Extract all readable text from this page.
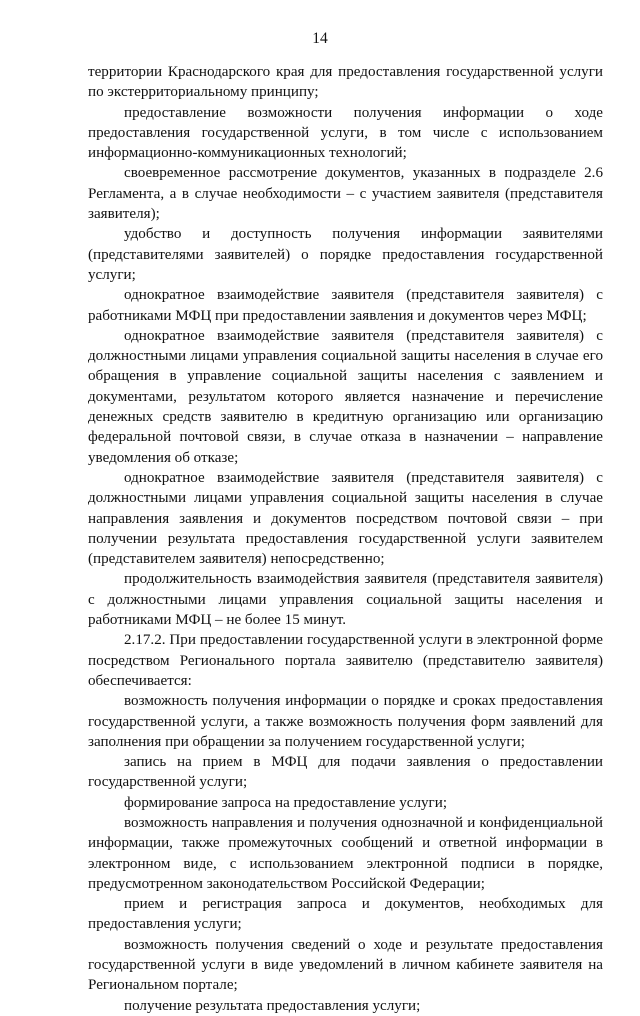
14

территории Краснодарского края для предоставления государственной услуги по экстерриториальному принципу;

предоставление возможности получения информации о ходе предоставления государственной услуги, в том числе с использованием информационно-коммуникационных технологий;

своевременное рассмотрение документов, указанных в подразделе 2.6 Регламента, а в случае необходимости – с участием заявителя (представителя заявителя);

удобство и доступность получения информации заявителями (представителями заявителей) о порядке предоставления государственной услуги;

однократное взаимодействие заявителя (представителя заявителя) с работниками МФЦ при предоставлении заявления и документов через МФЦ;

однократное взаимодействие заявителя (представителя заявителя) с должностными лицами управления социальной защиты населения в случае его обращения в управление социальной защиты населения с заявлением и документами, результатом которого является назначение и перечисление денежных средств заявителю в кредитную организацию или организацию федеральной почтовой связи, в случае отказа в назначении – направление уведомления об отказе;

однократное взаимодействие заявителя (представителя заявителя) с должностными лицами управления социальной защиты населения в случае направления заявления и документов посредством почтовой связи – при получении результата предоставления государственной услуги заявителем (представителем заявителя) непосредственно;

продолжительность взаимодействия заявителя (представителя заявителя) с должностными лицами управления социальной защиты населения и работниками МФЦ – не более 15 минут.

2.17.2. При предоставлении государственной услуги в электронной форме посредством Регионального портала заявителю (представителю заявителя) обеспечивается:

возможность получения информации о порядке и сроках предоставления государственной услуги, а также возможность получения форм заявлений для заполнения при обращении за получением государственной услуги;

запись на прием в МФЦ для подачи заявления о предоставлении государственной услуги;

формирование запроса на предоставление услуги;

возможность направления и получения однозначной и конфиденциальной информации, также промежуточных сообщений и ответной информации в электронном виде, с использованием электронной подписи в порядке, предусмотренном законодательством Российской Федерации;

прием и регистрация запроса и документов, необходимых для предоставления услуги;

возможность получения сведений о ходе и результате предоставления государственной услуги в виде уведомлений в личном кабинете заявителя на Региональном портале;

получение результата предоставления услуги;
